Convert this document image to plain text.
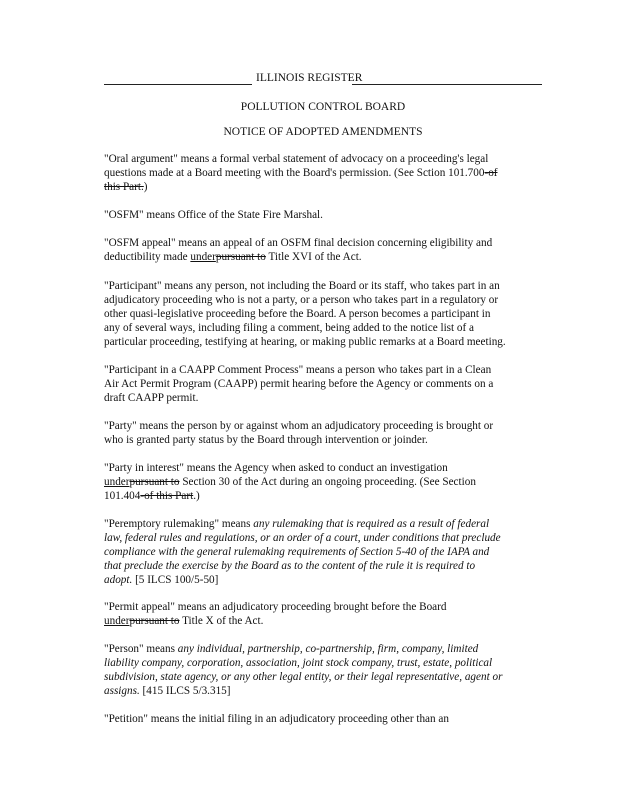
ILLINOIS REGISTER
POLLUTION CONTROL BOARD
NOTICE OF ADOPTED AMENDMENTS
"Oral argument" means a formal verbal statement of advocacy on a proceeding's legal
questions made at a Board meeting with the Board's permission. (See Sction 101.700-of
this Part.)
"OSFM" means Office of the State Fire Marshal.
"OSFM appeal" means an appeal of an OSFM final decision concerning eligibility and
deductibility made underpursuant to Title XVI of the Act.
"Participant" means any person, not including the Board or its staff, who takes part in an
adjudicatory proceeding who is not a party, or a person who takes part in a regulatory or
other quasi-legislative proceeding before the Board. A person becomes a participant in
any of several ways, including filing a comment, being added to the notice list of a
particular proceeding, testifying at hearing, or making public remarks at a Board meeting.
"Participant in a CAAPP Comment Process" means a person who takes part in a Clean
Air Act Permit Program (CAAPP) permit hearing before the Agency or comments on a
draft CAAPP permit.
"Party" means the person by or against whom an adjudicatory proceeding is brought or
who is granted party status by the Board through intervention or joinder.
"Party in interest" means the Agency when asked to conduct an investigation
underpursuant to Section 30 of the Act during an ongoing proceeding. (See Section
101.404-of this Part.)
"Peremptory rulemaking" means any rulemaking that is required as a result of federal
law, federal rules and regulations, or an order of a court, under conditions that preclude
compliance with the general rulemaking requirements of Section 5-40 of the IAPA and
that preclude the exercise by the Board as to the content of the rule it is required to
adopt. [5 ILCS 100/5-50]
"Permit appeal" means an adjudicatory proceeding brought before the Board
underpursuant to Title X of the Act.
"Person" means any individual, partnership, co-partnership, firm, company, limited
liability company, corporation, association, joint stock company, trust, estate, political
subdivision, state agency, or any other legal entity, or their legal representative, agent or
assigns. [415 ILCS 5/3.315]
"Petition" means the initial filing in an adjudicatory proceeding other than an
